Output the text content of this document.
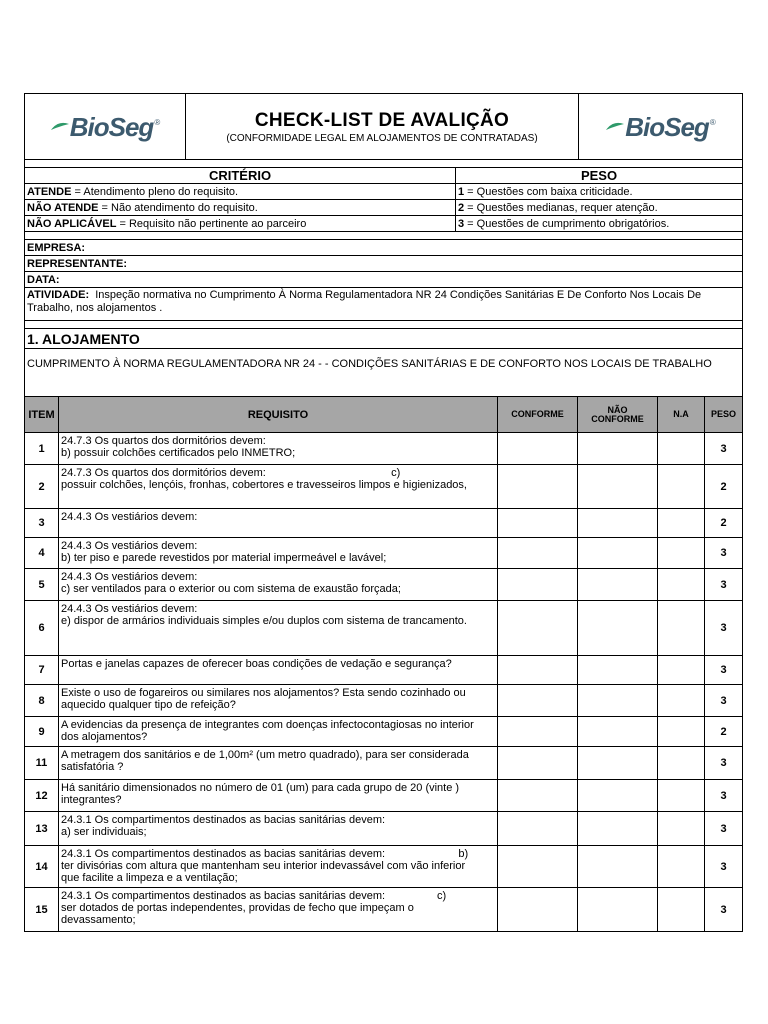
BioSeg ®	CHECK-LIST DE AVALIÇÃO
(CONFORMIDADE LEGAL EM ALOJAMENTOS DE CONTRATADAS)	BioSeg ®
CRITÉRIO	PESO
ATENDE = Atendimento pleno do requisito.	1 = Questões com baixa criticidade.
NÃO ATENDE = Não atendimento do requisito.	2 = Questões medianas, requer atenção.
NÃO APLICÁVEL = Requisito não pertinente ao parceiro	3 = Questões de cumprimento obrigatórios.
EMPRESA:
REPRESENTANTE:
DATA:
ATIVIDADE:  Inspeção normativa no Cumprimento À Norma Regulamentadora NR 24 Condições Sanitárias E De Conforto Nos Locais De Trabalho, nos alojamentos .
1. ALOJAMENTO
CUMPRIMENTO À NORMA REGULAMENTADORA NR 24 - - CONDIÇÕES SANITÁRIAS E DE CONFORTO NOS LOCAIS DE TRABALHO
ITEM	REQUISITO	CONFORME	NÃO CONFORME	N.A	PESO
1
24.7.3 Os quartos dos dormitórios devem:
b) possuir colchões certificados pelo INMETRO;	3
2
24.7.3 Os quartos dos dormitórios devem:                                         c)
possuir colchões, lençóis, fronhas, cobertores e travesseiros limpos e higienizados,	2
3	24.4.3 Os vestiários devem:	2
4
24.4.3 Os vestiários devem:
b) ter piso e parede revestidos por material impermeável e lavável;	3
5
24.4.3 Os vestiários devem:
c) ser ventilados para o exterior ou com sistema de exaustão forçada;	3
6
24.4.3 Os vestiários devem:
e) dispor de armários individuais simples e/ou duplos com sistema de trancamento.
3
7	Portas e janelas capazes de oferecer boas condições de vedação e segurança?	3
8
Existe o uso de fogareiros ou similares nos alojamentos? Esta sendo cozinhado ou
aquecido qualquer tipo de refeição?	3
9
A evidencias da presença de integrantes com doenças infectocontagiosas no interior
dos alojamentos?	2
11
A metragem dos sanitários e de 1,00m² (um metro quadrado), para ser considerada
satisfatória ?	3
12
Há sanitário dimensionados no número de 01 (um) para cada grupo de 20 (vinte )
integrantes?	3
13
24.3.1 Os compartimentos destinados as bacias sanitárias devem:
a) ser individuais;	3
14
24.3.1 Os compartimentos destinados as bacias sanitárias devem:                        b)
ter divisórias com altura que mantenham seu interior indevassável com vão inferior
que facilite a limpeza e a ventilação;
3
15
24.3.1 Os compartimentos destinados as bacias sanitárias devem:                 c)
ser dotados de portas independentes, providas de fecho que impeçam o
devassamento;
3
